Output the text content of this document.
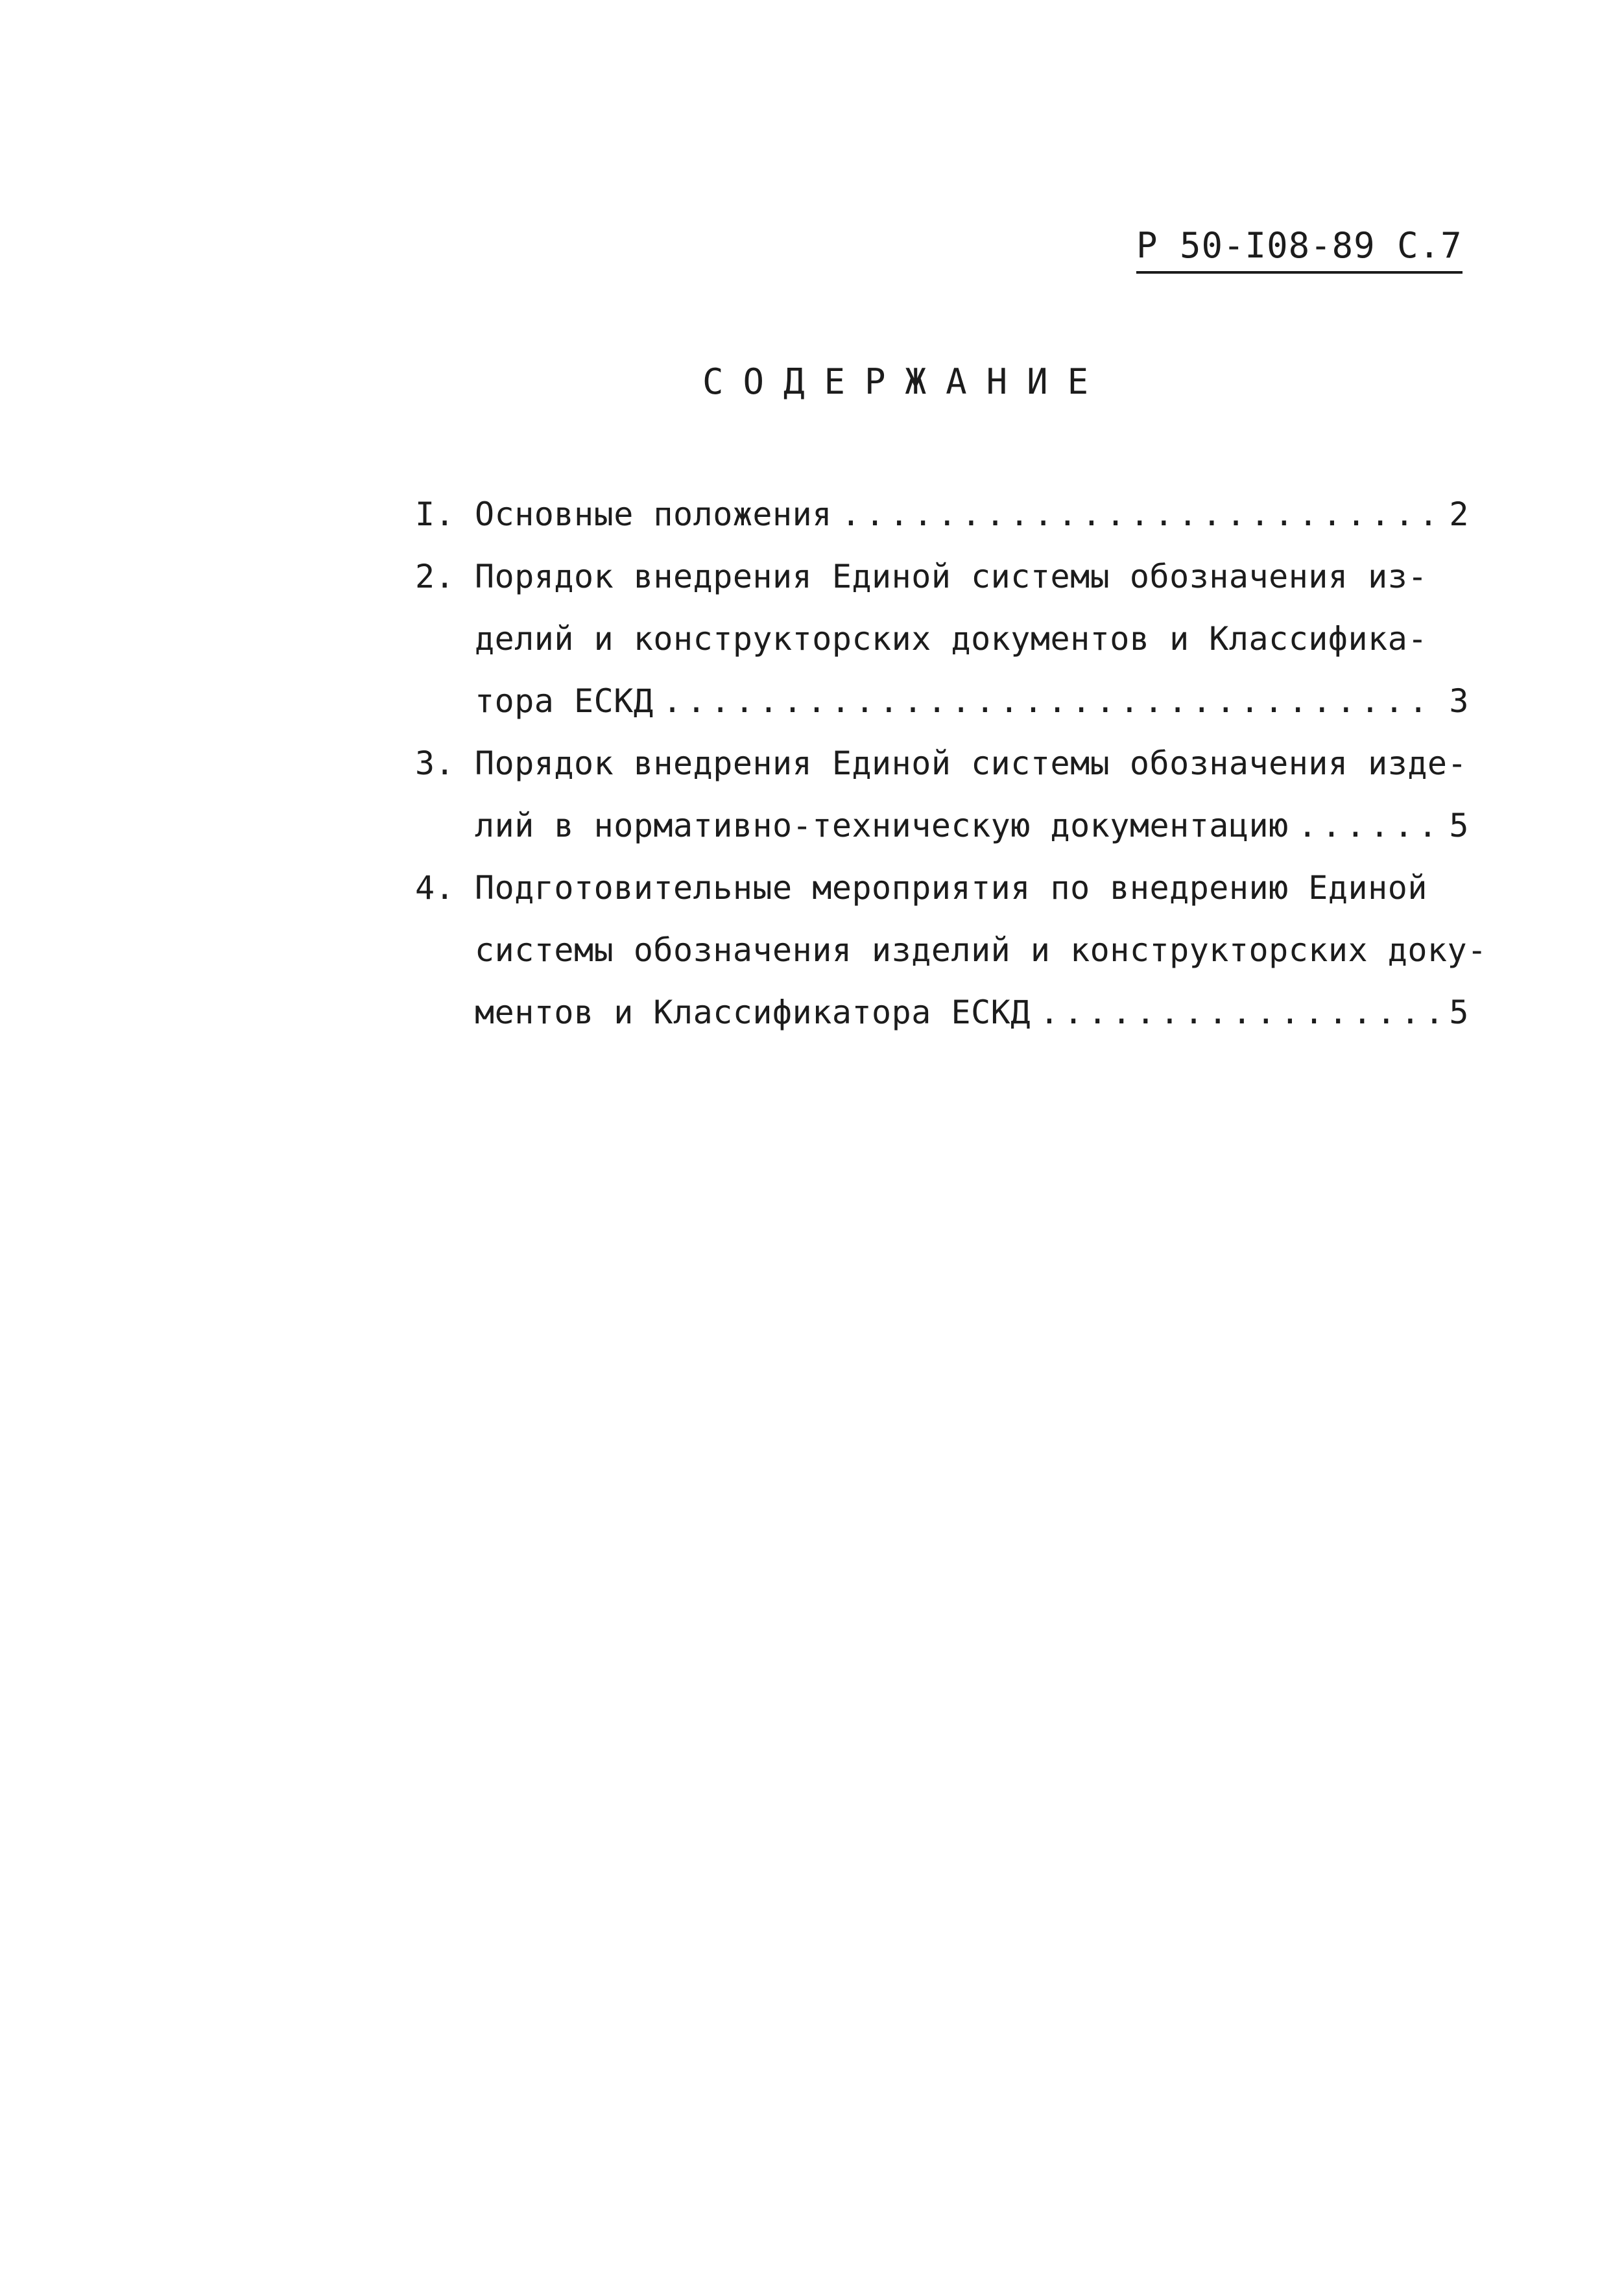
Р 50-I08-89 С.7
СОДЕРЖАНИЕ
I. Основные положения .....	2
2. Порядок внедрения Единой системы обозначения из-
делий и конструкторских документов и Классифика-
тора ЕСКД .....	3
3. Порядок внедрения Единой системы обозначения изде-
лий в нормативно-техническую документацию .....	5
4. Подготовительные мероприятия по внедрению Единой
системы обозначения изделий и конструкторских доку-
ментов и Классификатора ЕСКД .....	5
